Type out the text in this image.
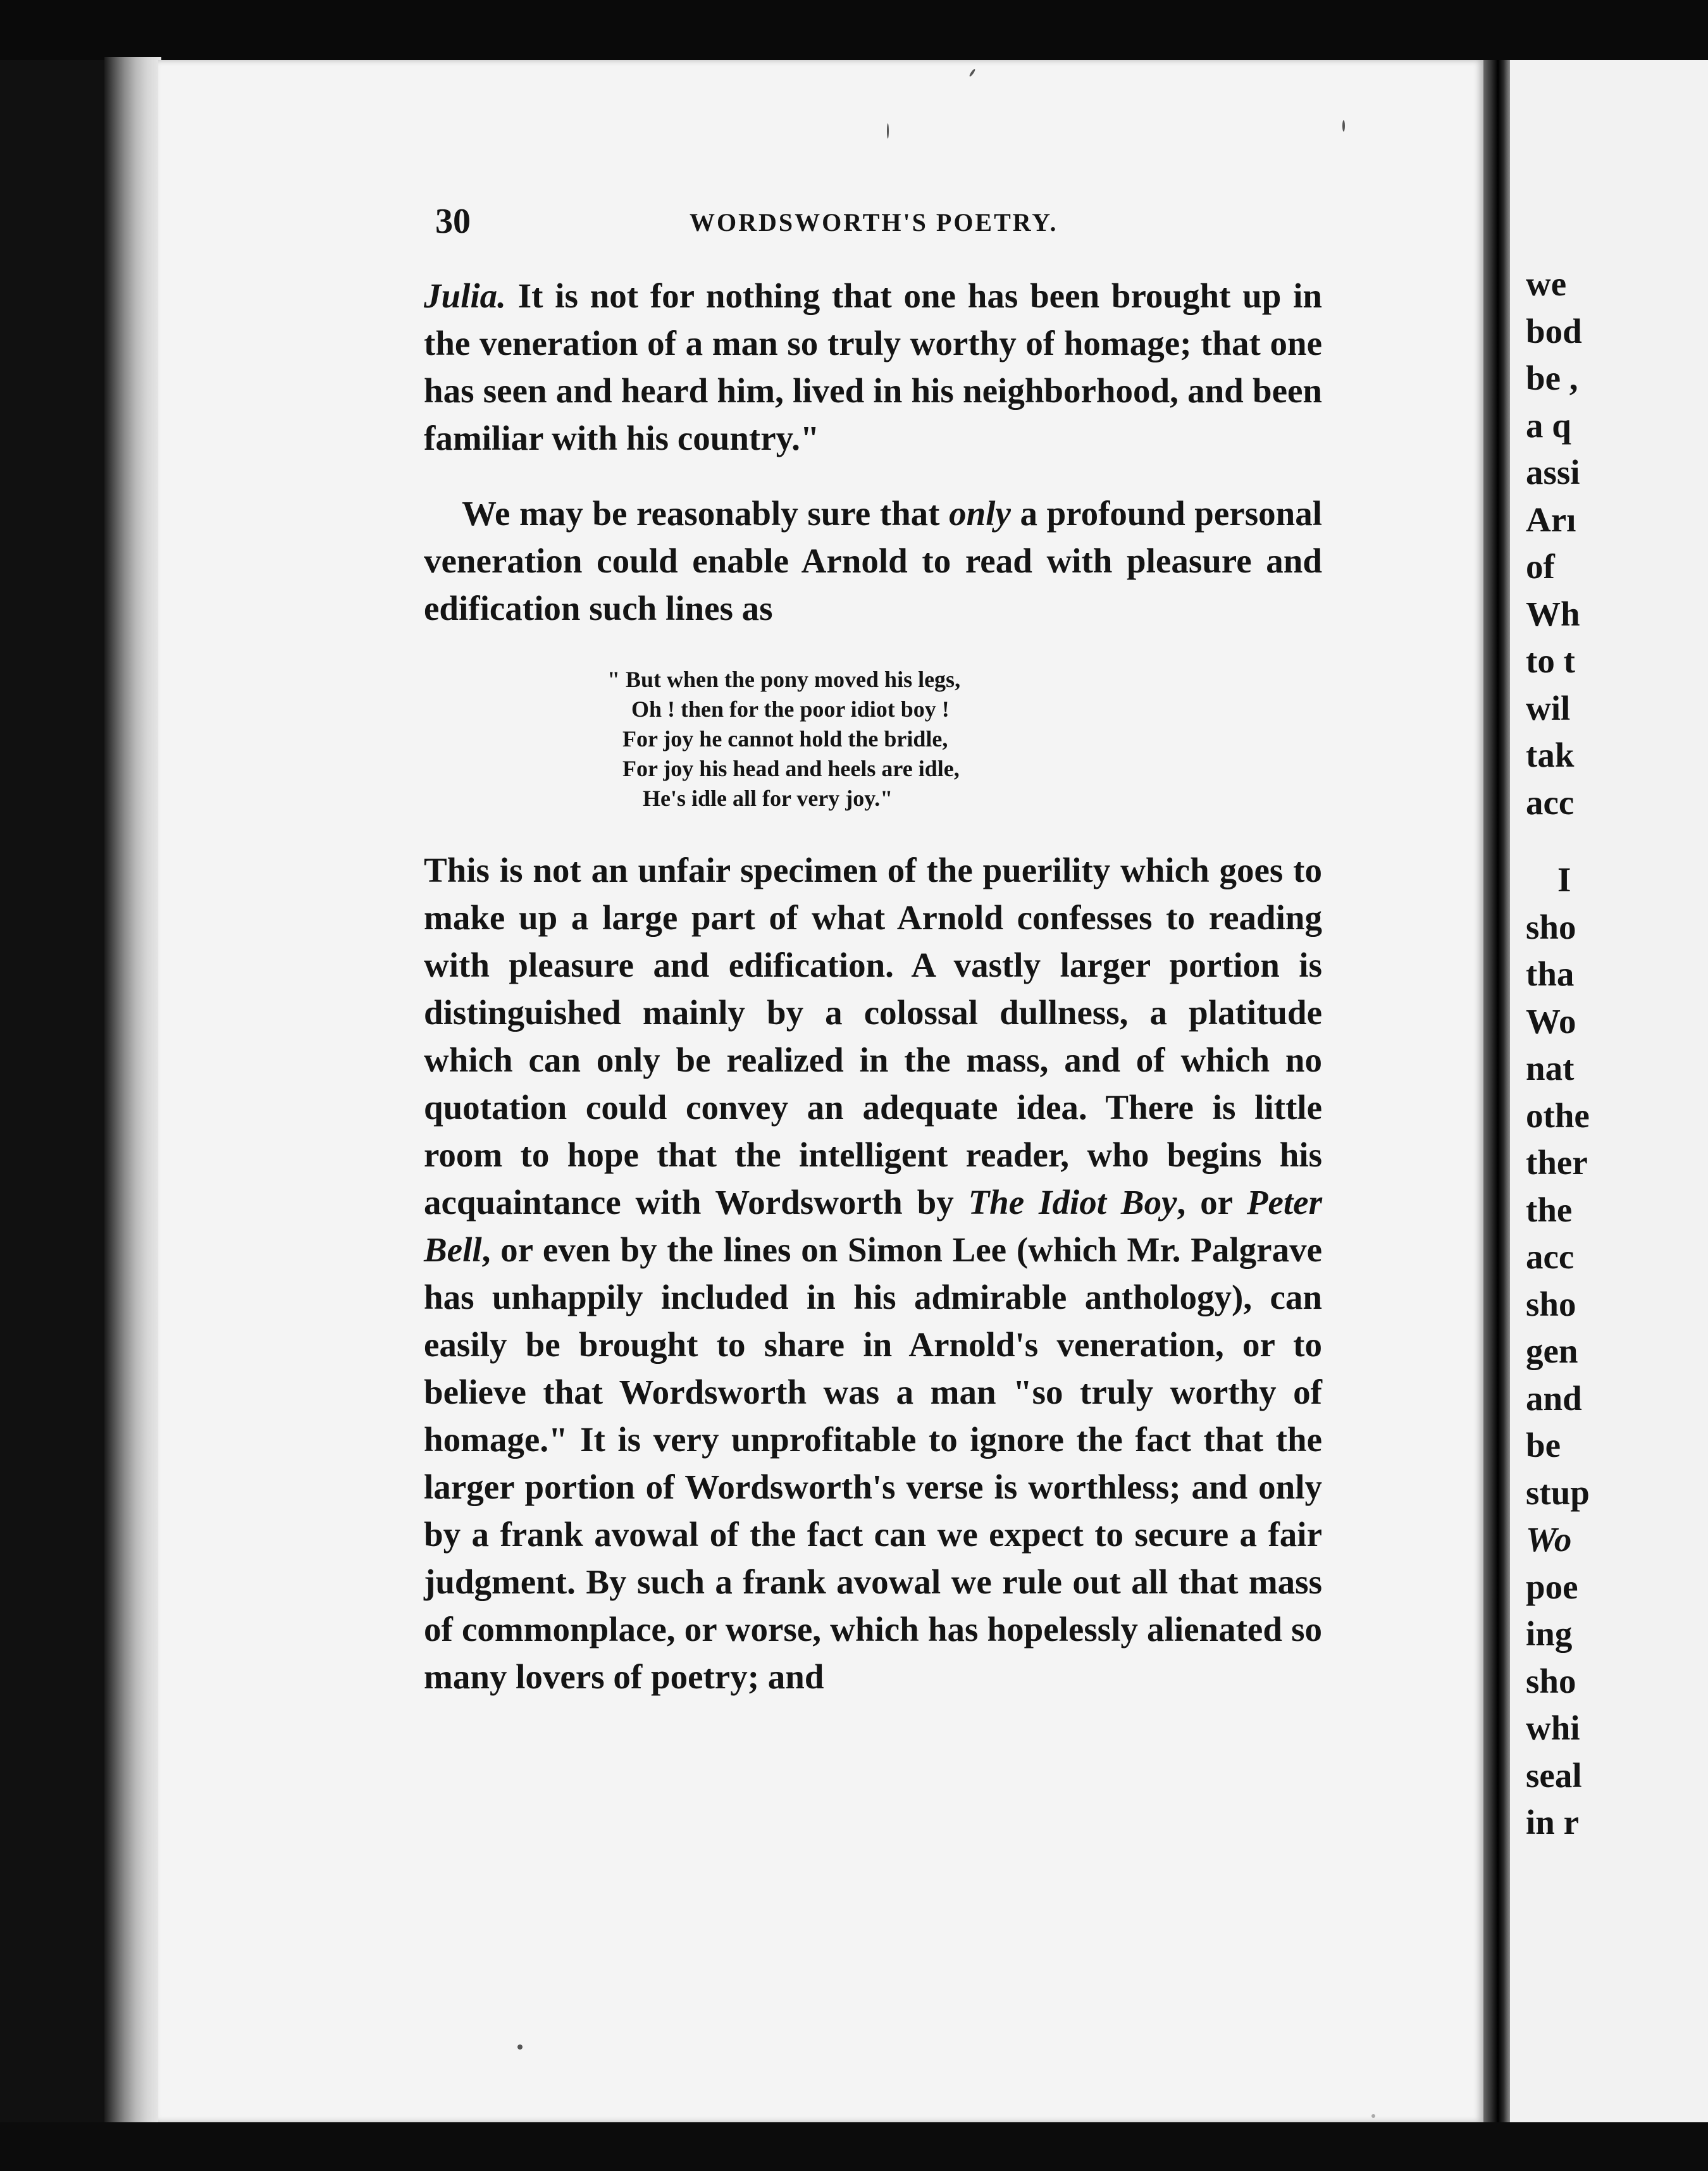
30	WORDSWORTH'S POETRY.

Julia. It is not for nothing that one has been brought up in the veneration of a man so truly worthy of homage; that one has seen and heard him, lived in his neighborhood, and been familiar with his country."

We may be reasonably sure that only a profound personal veneration could enable Arnold to read with pleasure and edification such lines as

" But when the pony moved his legs,
Oh ! then for the poor idiot boy !
For joy he cannot hold the bridle,
For joy his head and heels are idle,
He's idle all for very joy."

This is not an unfair specimen of the puerility which goes to make up a large part of what Arnold confesses to reading with pleasure and edification. A vastly larger portion is distinguished mainly by a colossal dullness, a platitude which can only be realized in the mass, and of which no quotation could convey an adequate idea. There is little room to hope that the intelligent reader, who begins his acquaintance with Wordsworth by The Idiot Boy, or Peter Bell, or even by the lines on Simon Lee (which Mr. Palgrave has unhappily included in his admirable anthology), can easily be brought to share in Arnold's veneration, or to believe that Wordsworth was a man "so truly worthy of homage." It is very unprofitable to ignore the fact that the larger portion of Wordsworth's verse is worthless; and only by a frank avowal of the fact can we expect to secure a fair judgment. By such a frank avowal we rule out all that mass of commonplace, or worse, which has hopelessly alienated so many lovers of poetry; and

we
bod
be ,
a q
assi
Arı
of
Wh
to t
wil
tak
acc
I
sho
tha
Wo
nat
othe
ther
the
acc
sho
gen
and
be
stup
Wo
poe
ing
sho
whi
seal
in r
